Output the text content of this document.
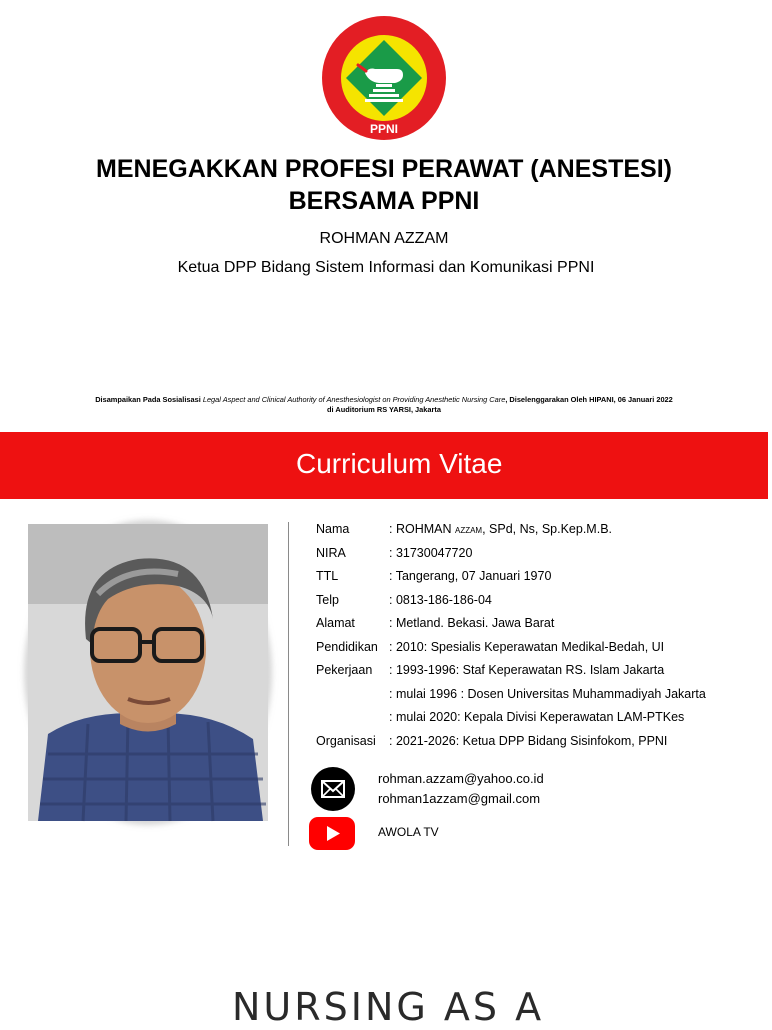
PERSATUAN PERAWAT NASIONAL INDONESIA
PPNI
MENEGAKKAN PROFESI PERAWAT (ANESTESI)
BERSAMA PPNI
ROHMAN AZZAM
Ketua DPP Bidang Sistem Informasi dan Komunikasi PPNI
Disampaikan Pada Sosialisasi Legal Aspect and Clinical Authority of Anesthesiologist on Providing Anesthetic Nursing Care, Diselenggarakan Oleh HIPANI, 06 Januari 2022
di Auditorium RS YARSI, Jakarta
Curriculum Vitae
Nama	: ROHMAN AZZAM, SPd, Ns, Sp.Kep.M.B.
NIRA	: 31730047720
TTL	: Tangerang, 07 Januari 1970
Telp	: 0813-186-186-04
Alamat	: Metland. Bekasi. Jawa Barat
Pendidikan : 2010: Spesialis Keperawatan Medikal-Bedah, UI
Pekerjaan : 1993-1996: Staf Keperawatan RS. Islam Jakarta
: mulai 1996 : Dosen Universitas Muhammadiyah Jakarta
: mulai 2020: Kepala Divisi Keperawatan LAM-PTKes
Organisasi : 2021-2026: Ketua DPP Bidang Sisinfokom, PPNI
rohman.azzam@yahoo.co.id
rohman1azzam@gmail.com
AWOLA TV
NURSING AS A
